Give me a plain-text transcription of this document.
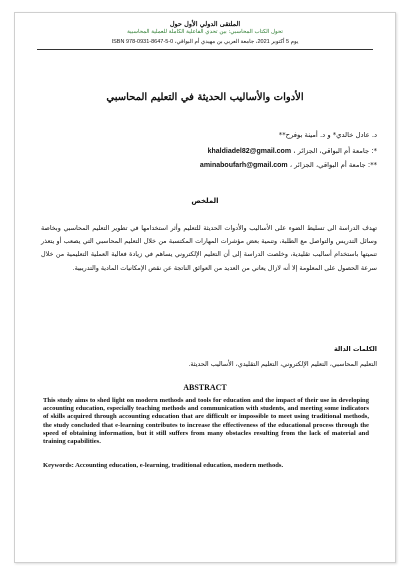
الملتقى الدولي الأول حول
تحول الكتاب المحاسبي: بين تحدي الفاعلية الكاملة للعملية المحاسبية
يوم 5 أكتوبر 2021، جامعة العربي بن مهيدي أم البواقي، 0-5-8647-0931-978 ISBN
الأدوات والأساليب الحديثة في التعليم المحاسبي
د. عادل خالدي* و د. أمينة بوفرح**
*: جامعة أم البواقي، الجزائر ، khaldiadel82@gmail.com
**: جامعة أم البواقي، الجزائر ، aminaboufarh@gmail.com
الملخص

تهدف الدراسة الى تسليط الضوء على الأساليب والأدوات الحديثة للتعليم وأثر استخدامها في تطوير التعليم المحاسبي وبخاصة وسائل التدريس والتواصل مع الطلبة، وتنمية بعض مؤشرات المهارات المكتسبة من خلال التعليم المحاسبي التي يصعب أو يتعذر تنميتها باستخدام أساليب تقليدية، وخلصت الدراسة إلى أن التعليم الإلكتروني يساهم في زيادة فعالية العملية التعليمية من خلال سرعة الحصول على المعلومة إلا أنه لازال يعاني من العديد من العوائق الناتجة عن نقص الإمكانيات المادية والتدريبية.

الكلمات الدالة
التعليم المحاسبي، التعليم الإلكتروني، التعليم التقليدي، الأساليب الحديثة.
ABSTRACT

This study aims to shed light on modern methods and tools for education and the impact of their use in developing accounting education, especially teaching methods and communication with students, and meeting some indicators of skills acquired through accounting education that are difficult or impossible to meet using traditional methods, the study concluded that e-learning contributes to increase the effectiveness of the educational process through the speed of obtaining information, but it still suffers from many obstacles resulting from the lack of material and training capabilities.

Keywords: Accounting education, e-learning, traditional education, modern methods.
